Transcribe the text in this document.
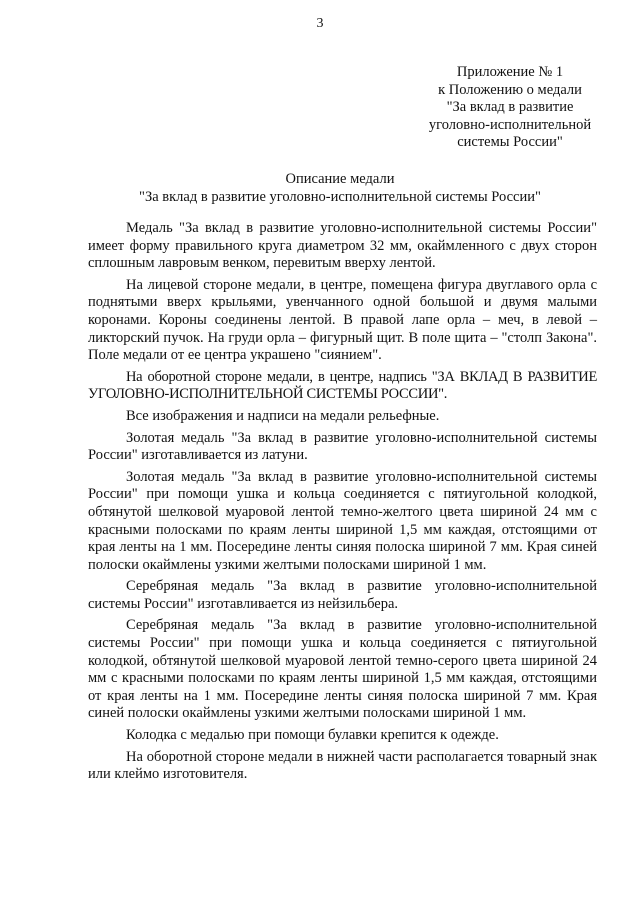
3
Приложение № 1
к Положению о медали
"За вклад в развитие
уголовно-исполнительной
системы России"
Описание медали
"За вклад в развитие уголовно-исполнительной системы России"

Медаль "За вклад в развитие уголовно-исполнительной системы России" имеет форму правильного круга диаметром 32 мм, окаймленного с двух сторон сплошным лавровым венком, перевитым вверху лентой.

На лицевой стороне медали, в центре, помещена фигура двуглавого орла с поднятыми вверх крыльями, увенчанного одной большой и двумя малыми коронами. Короны соединены лентой. В правой лапе орла – меч, в левой – ликторский пучок. На груди орла – фигурный щит. В поле щита – "столп Закона". Поле медали от ее центра украшено "сиянием".

На оборотной стороне медали, в центре, надпись "ЗА ВКЛАД В РАЗВИТИЕ УГОЛОВНО-ИСПОЛНИТЕЛЬНОЙ СИСТЕМЫ РОССИИ".

Все изображения и надписи на медали рельефные.

Золотая медаль "За вклад в развитие уголовно-исполнительной системы России" изготавливается из латуни.

Золотая медаль "За вклад в развитие уголовно-исполнительной системы России" при помощи ушка и кольца соединяется с пятиугольной колодкой, обтянутой шелковой муаровой лентой темно-желтого цвета шириной 24 мм с красными полосками по краям ленты шириной 1,5 мм каждая, отстоящими от края ленты на 1 мм. Посередине ленты синяя полоска шириной 7 мм. Края синей полоски окаймлены узкими желтыми полосками шириной 1 мм.

Серебряная медаль "За вклад в развитие уголовно-исполнительной системы России" изготавливается из нейзильбера.

Серебряная медаль "За вклад в развитие уголовно-исполнительной системы России" при помощи ушка и кольца соединяется с пятиугольной колодкой, обтянутой шелковой муаровой лентой темно-серого цвета шириной 24 мм с красными полосками по краям ленты шириной 1,5 мм каждая, отстоящими от края ленты на 1 мм. Посередине ленты синяя полоска шириной 7 мм. Края синей полоски окаймлены узкими желтыми полосками шириной 1 мм.

Колодка с медалью при помощи булавки крепится к одежде.

На оборотной стороне медали в нижней части располагается товарный знак или клеймо изготовителя.
